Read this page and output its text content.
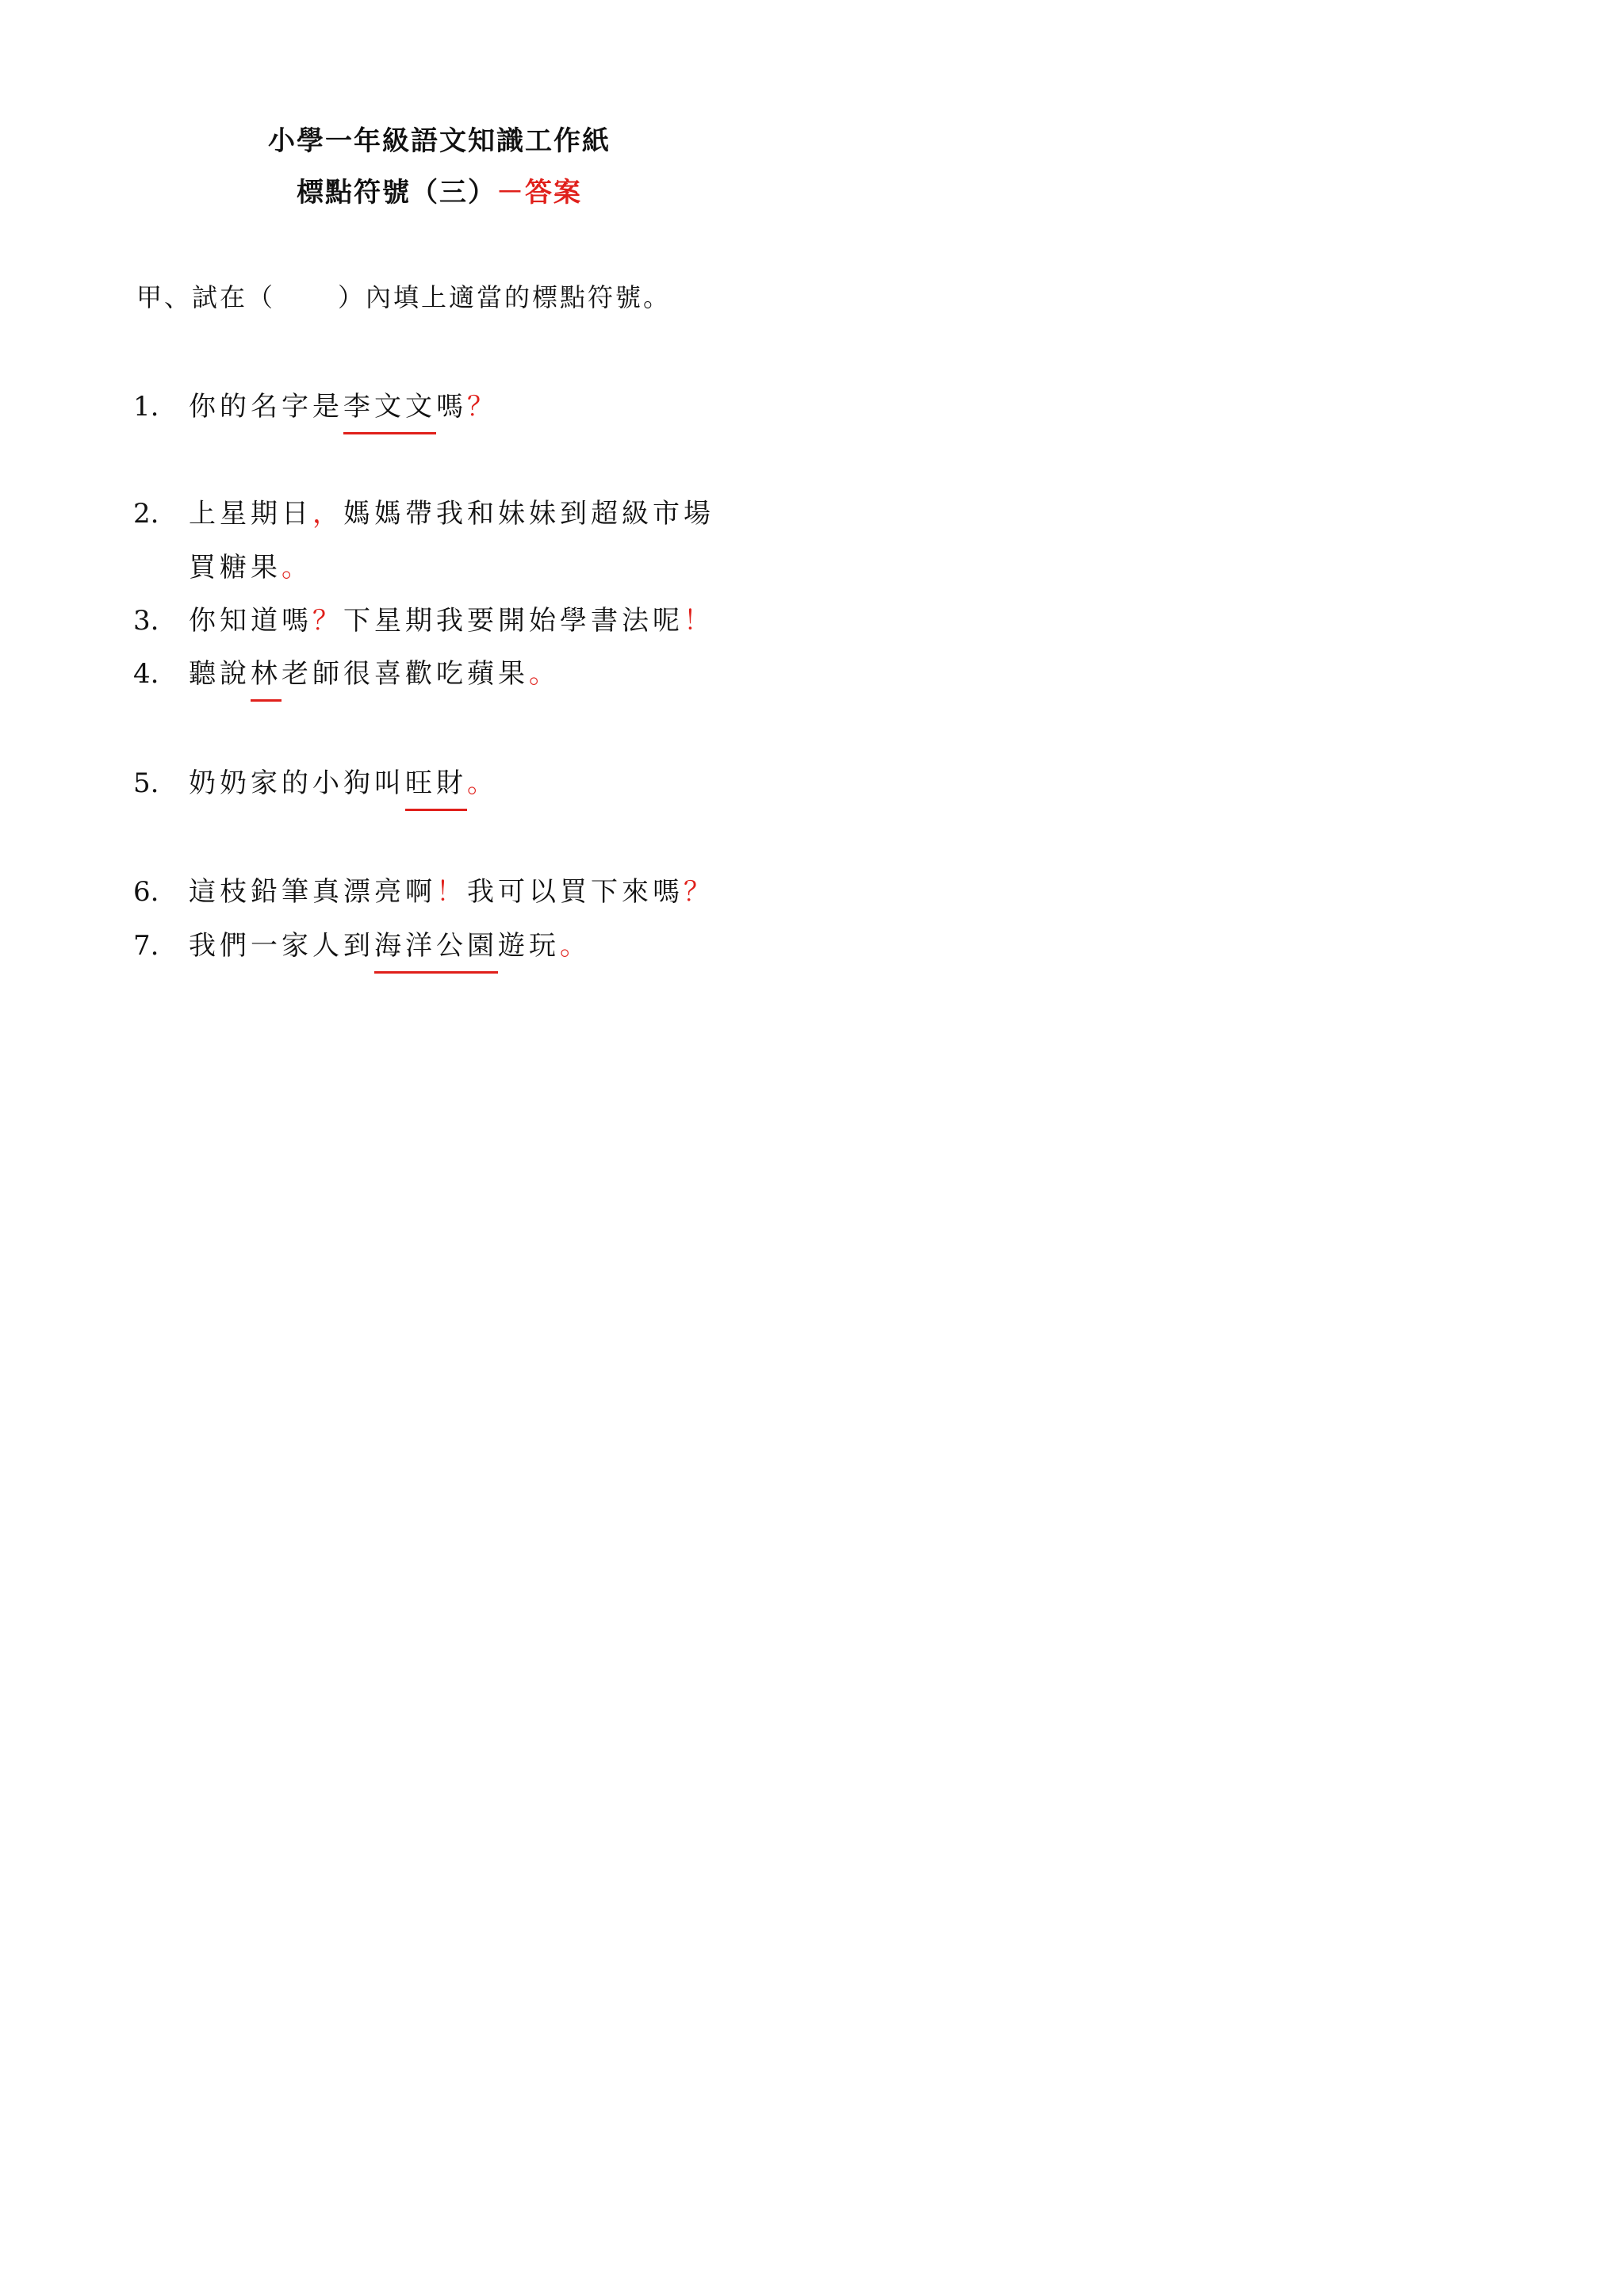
小學一年級語文知識工作紙
標點符號（三）－答案
甲、試在（      ）內填上適當的標點符號。
1. 你的名字是李文文嗎？
2. 上星期日，媽媽帶我和妹妹到超級市場
買糖果。
3. 你知道嗎？下星期我要開始學書法呢！
4. 聽說林老師很喜歡吃蘋果。
5. 奶奶家的小狗叫旺財。
6. 這枝鉛筆真漂亮啊！我可以買下來嗎？
7. 我們一家人到海洋公園遊玩。
